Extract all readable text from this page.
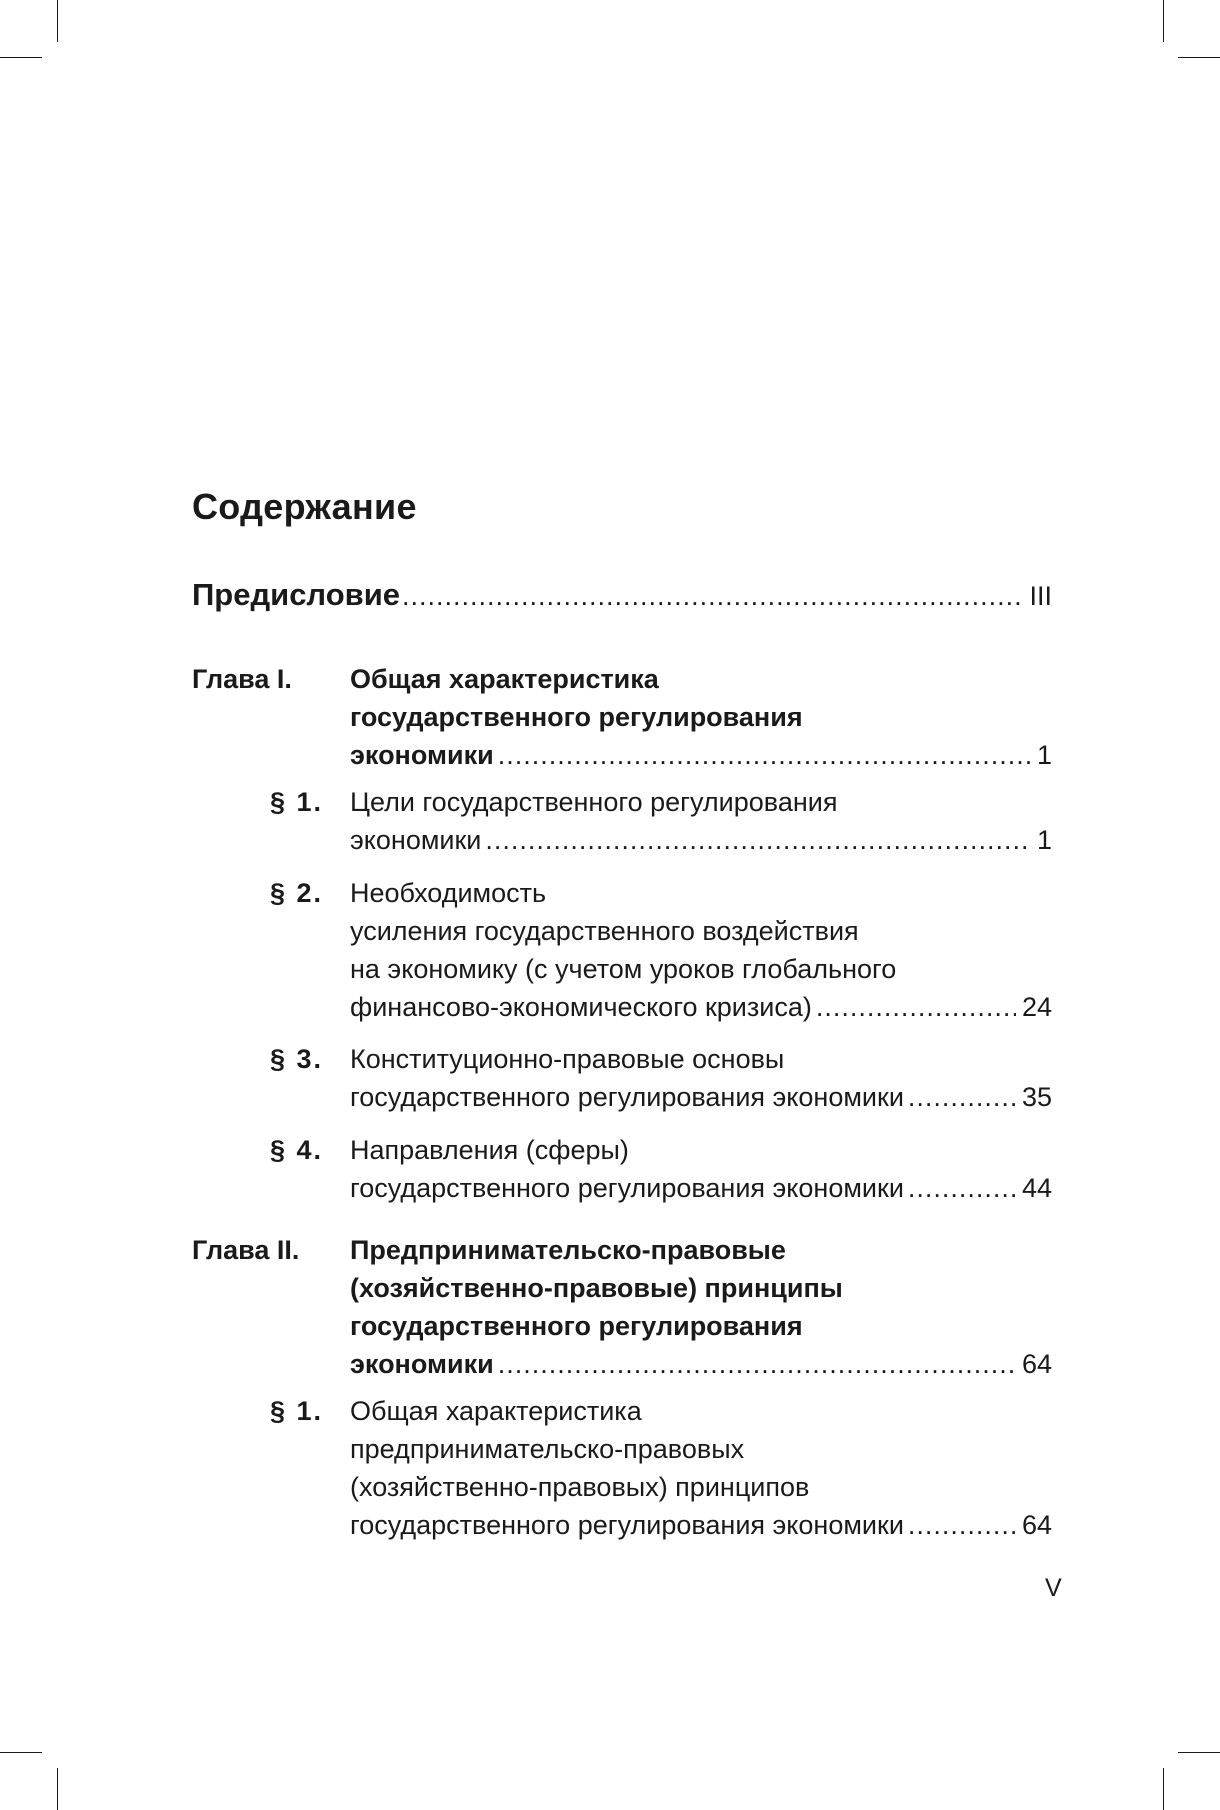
Содержание
Предисловие .....	III
Глава I. Общая характеристика
государственного регулирования
экономики .....	1
§ 1. Цели государственного регулирования
экономики .....	1
§ 2. Необходимость
усиления государственного воздействия
на экономику (с учетом уроков глобального
финансово-экономического кризиса) .....	24
§ 3. Конституционно-правовые основы
государственного регулирования экономики .....	35
§ 4. Направления (сферы)
государственного регулирования экономики .....	44
Глава II. Предпринимательско-правовые
(хозяйственно-правовые) принципы
государственного регулирования
экономики .....	64
§ 1. Общая характеристика
предпринимательско-правовых
(хозяйственно-правовых) принципов
государственного регулирования экономики .....	64
V
